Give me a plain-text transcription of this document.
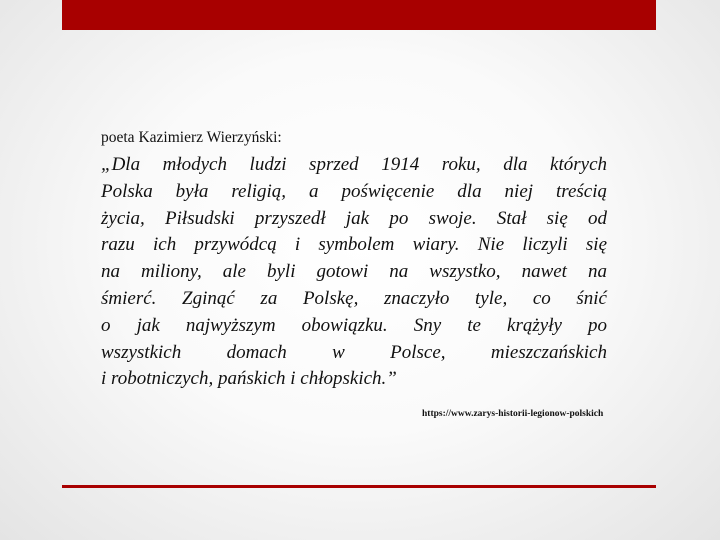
poeta Kazimierz Wierzyński:

„Dla młodych ludzi sprzed 1914 roku, dla których
Polska była religią, a poświęcenie dla niej treścią
życia, Piłsudski przyszedł jak po swoje. Stał się od
razu ich przywódcą i symbolem wiary. Nie liczyli się
na miliony, ale byli gotowi na wszystko, nawet na
śmierć. Zginąć za Polskę, znaczyło tyle, co śnić
o jak najwyższym obowiązku. Sny te krążyły po
wszystkich domach w Polsce, mieszczańskich
i robotniczych, pańskich i chłopskich.”

https://www.zarys-historii-legionow-polskich
